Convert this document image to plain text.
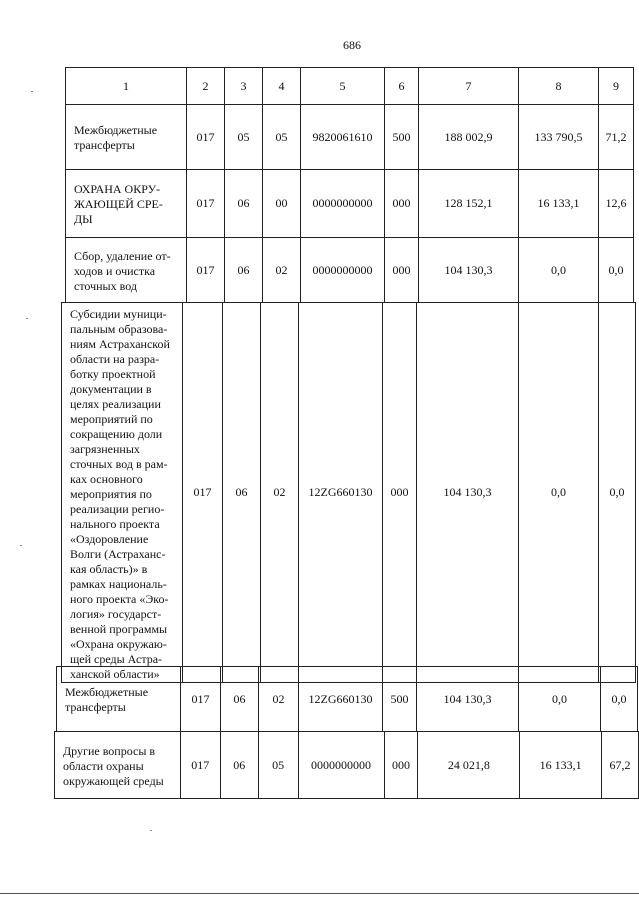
686
1	2	3	4	5	6	7	8	9
Межбюджетные трансферты	017	05	05	9820061610	500	188 002,9	133 790,5	71,2
ОХРАНА ОКРУ-ЖАЮЩЕЙ СРЕ-ДЫ	017	06	00	0000000000	000	128 152,1	16 133,1	12,6
Сбор, удаление от-ходов и очистка сточных вод	017	06	02	0000000000	000	104 130,3	0,0	0,0
Субсидии муници-пальным образова-ниям Астраханской области на разра-ботку проектной документации в целях реализации мероприятий по сокращению доли загрязненных сточных вод в рам-ках основного мероприятия по реализации регио-нального проекта «Оздоровление Волги (Астраханс-кая область)» в рамках националь-ного проекта «Эко-логия» государст-венной программы «Охрана окружаю-щей среды Астра-ханской области»	017	06	02	12ZG660130	000	104 130,3	0,0	0,0
Межбюджетные трансферты	017	06	02	12ZG660130	500	104 130,3	0,0	0,0
Другие вопросы в области охраны окружающей среды	017	06	05	0000000000	000	24 021,8	16 133,1	67,2
